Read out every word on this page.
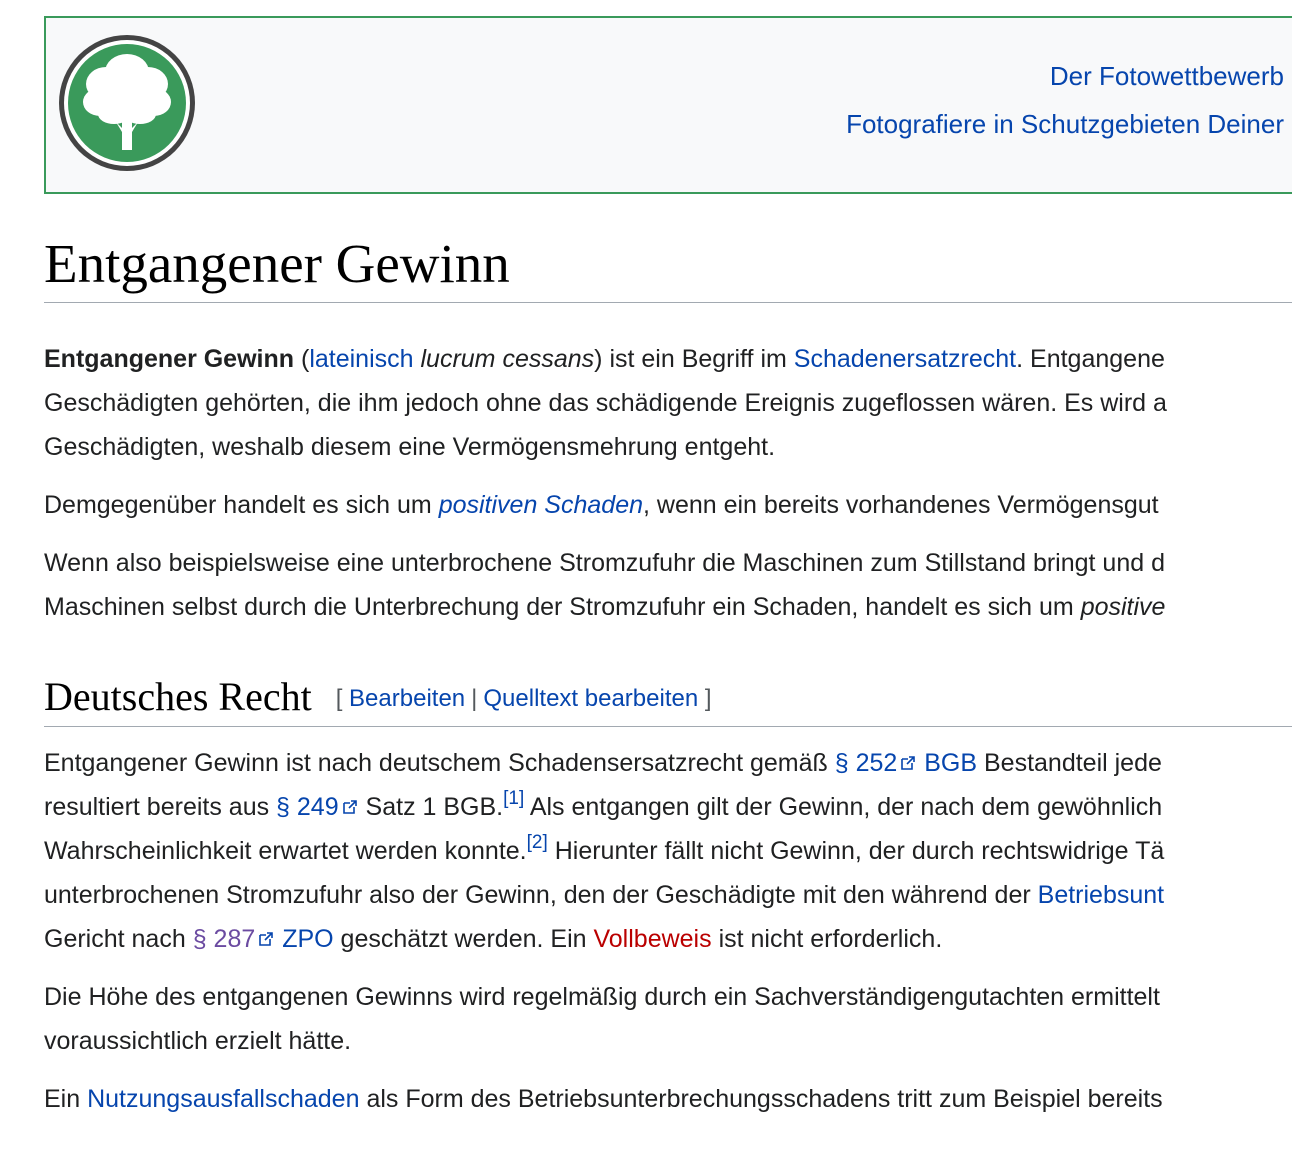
Der Fotowettbewerb
Fotografiere in Schutzgebieten Deiner
Entgangener Gewinn

Entgangener Gewinn (lateinisch lucrum cessans) ist ein Begriff im Schadenersatzrecht. Entgangene
Geschädigten gehörten, die ihm jedoch ohne das schädigende Ereignis zugeflossen wären. Es wird a
Geschädigten, weshalb diesem eine Vermögensmehrung entgeht.

Demgegenüber handelt es sich um positiven Schaden, wenn ein bereits vorhandenes Vermögensgut

Wenn also beispielsweise eine unterbrochene Stromzufuhr die Maschinen zum Stillstand bringt und d
Maschinen selbst durch die Unterbrechung der Stromzufuhr ein Schaden, handelt es sich um positive

Deutsches Recht [ Bearbeiten | Quelltext bearbeiten ]

Entgangener Gewinn ist nach deutschem Schadensersatzrecht gemäß § 252 BGB Bestandteil jede
resultiert bereits aus § 249 Satz 1 BGB.[1] Als entgangen gilt der Gewinn, der nach dem gewöhnlich
Wahrscheinlichkeit erwartet werden konnte.[2] Hierunter fällt nicht Gewinn, der durch rechtswidrige Tä
unterbrochenen Stromzufuhr also der Gewinn, den der Geschädigte mit den während der Betriebsunt
Gericht nach § 287 ZPO geschätzt werden. Ein Vollbeweis ist nicht erforderlich.

Die Höhe des entgangenen Gewinns wird regelmäßig durch ein Sachverständigengutachten ermittelt
voraussichtlich erzielt hätte.

Ein Nutzungsausfallschaden als Form des Betriebsunterbrechungsschadens tritt zum Beispiel bereits
